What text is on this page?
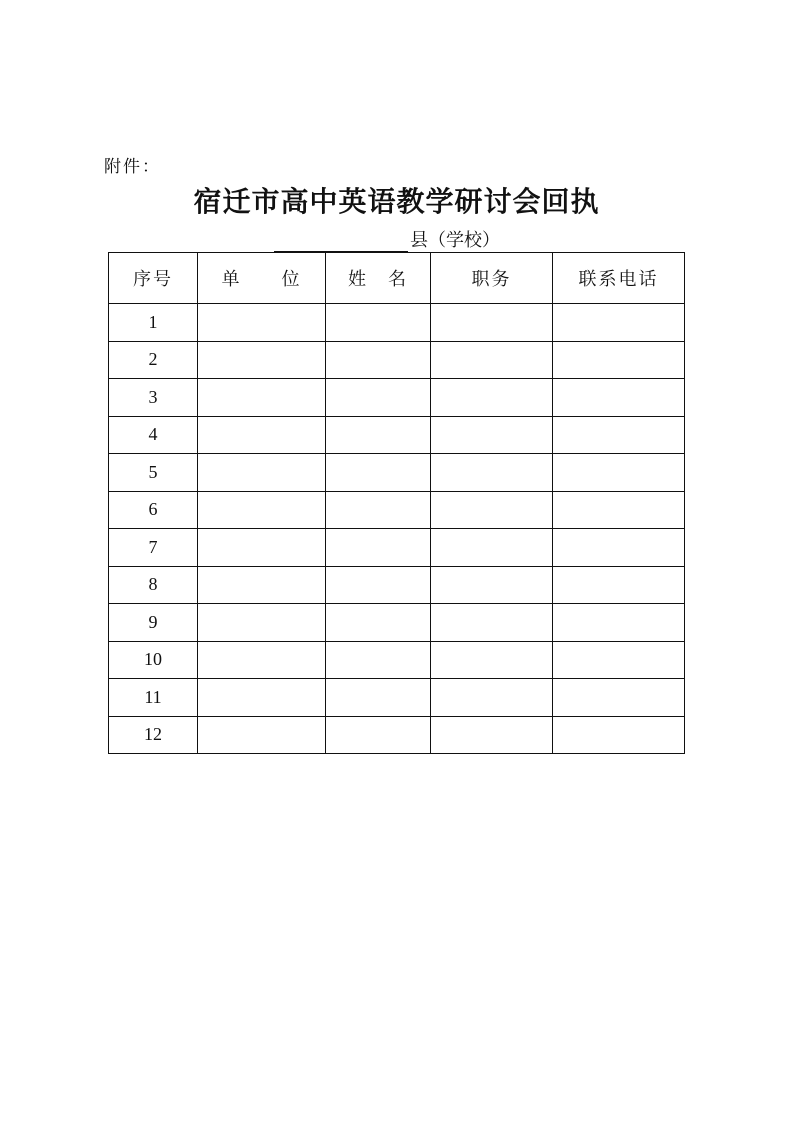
附件：
宿迁市高中英语教学研讨会回执
县（学校）
序号	单　　位	姓　名	职务	联系电话
1				
2				
3				
4				
5				
6				
7				
8				
9				
10				
11				
12				
